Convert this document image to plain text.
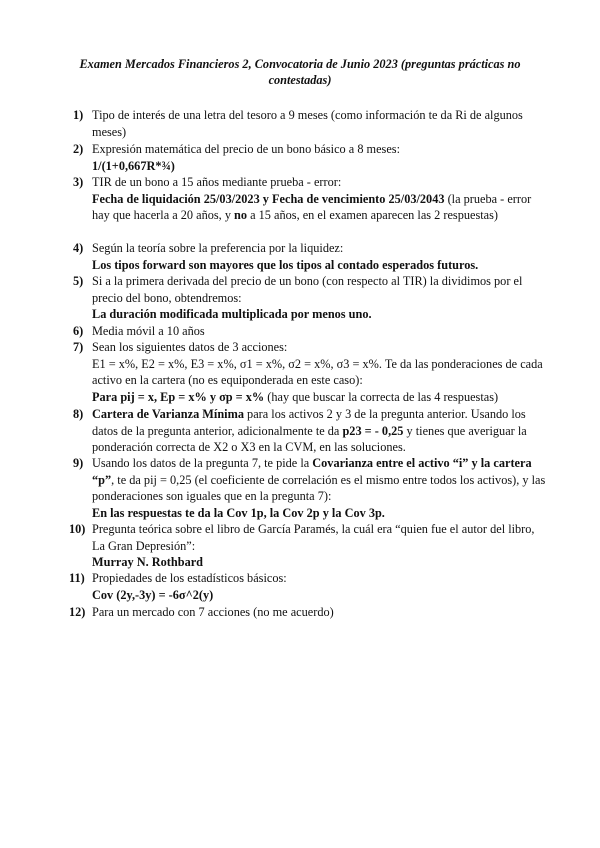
Examen Mercados Financieros 2, Convocatoria de Junio 2023 (preguntas prácticas no contestadas)
1) Tipo de interés de una letra del tesoro a 9 meses (como información te da Ri de algunos meses)
2) Expresión matemática del precio de un bono básico a 8 meses:
1/(1+0,667R*¾)
3) TIR de un bono a 15 años mediante prueba - error:
Fecha de liquidación 25/03/2023 y Fecha de vencimiento 25/03/2043 (la prueba - error hay que hacerla a 20 años, y no a 15 años, en el examen aparecen las 2 respuestas)
4) Según la teoría sobre la preferencia por la liquidez:
Los tipos forward son mayores que los tipos al contado esperados futuros.
5) Si a la primera derivada del precio de un bono (con respecto al TIR) la dividimos por el precio del bono, obtendremos:
La duración modificada multiplicada por menos uno.
6) Media móvil a 10 años
7) Sean los siguientes datos de 3 acciones:
E1 = x%, E2 = x%, E3 = x%, σ1 = x%, σ2 = x%, σ3 = x%. Te da las ponderaciones de cada activo en la cartera (no es equiponderada en este caso):
Para pij = x, Ep = x% y σp = x% (hay que buscar la correcta de las 4 respuestas)
8) Cartera de Varianza Mínima para los activos 2 y 3 de la pregunta anterior. Usando los datos de la pregunta anterior, adicionalmente te da p23 = - 0,25 y tienes que averiguar la ponderación correcta de X2 o X3 en la CVM, en las soluciones.
9) Usando los datos de la pregunta 7, te pide la Covarianza entre el activo “i” y la cartera “p”, te da pij = 0,25 (el coeficiente de correlación es el mismo entre todos los activos), y las ponderaciones son iguales que en la pregunta 7):
En las respuestas te da la Cov 1p, la Cov 2p y la Cov 3p.
10) Pregunta teórica sobre el libro de García Paramés, la cuál era “quien fue el autor del libro, La Gran Depresión”:
Murray N. Rothbard
11) Propiedades de los estadísticos básicos:
Cov (2y,-3y) = -6σ^2(y)
12) Para un mercado con 7 acciones (no me acuerdo)
